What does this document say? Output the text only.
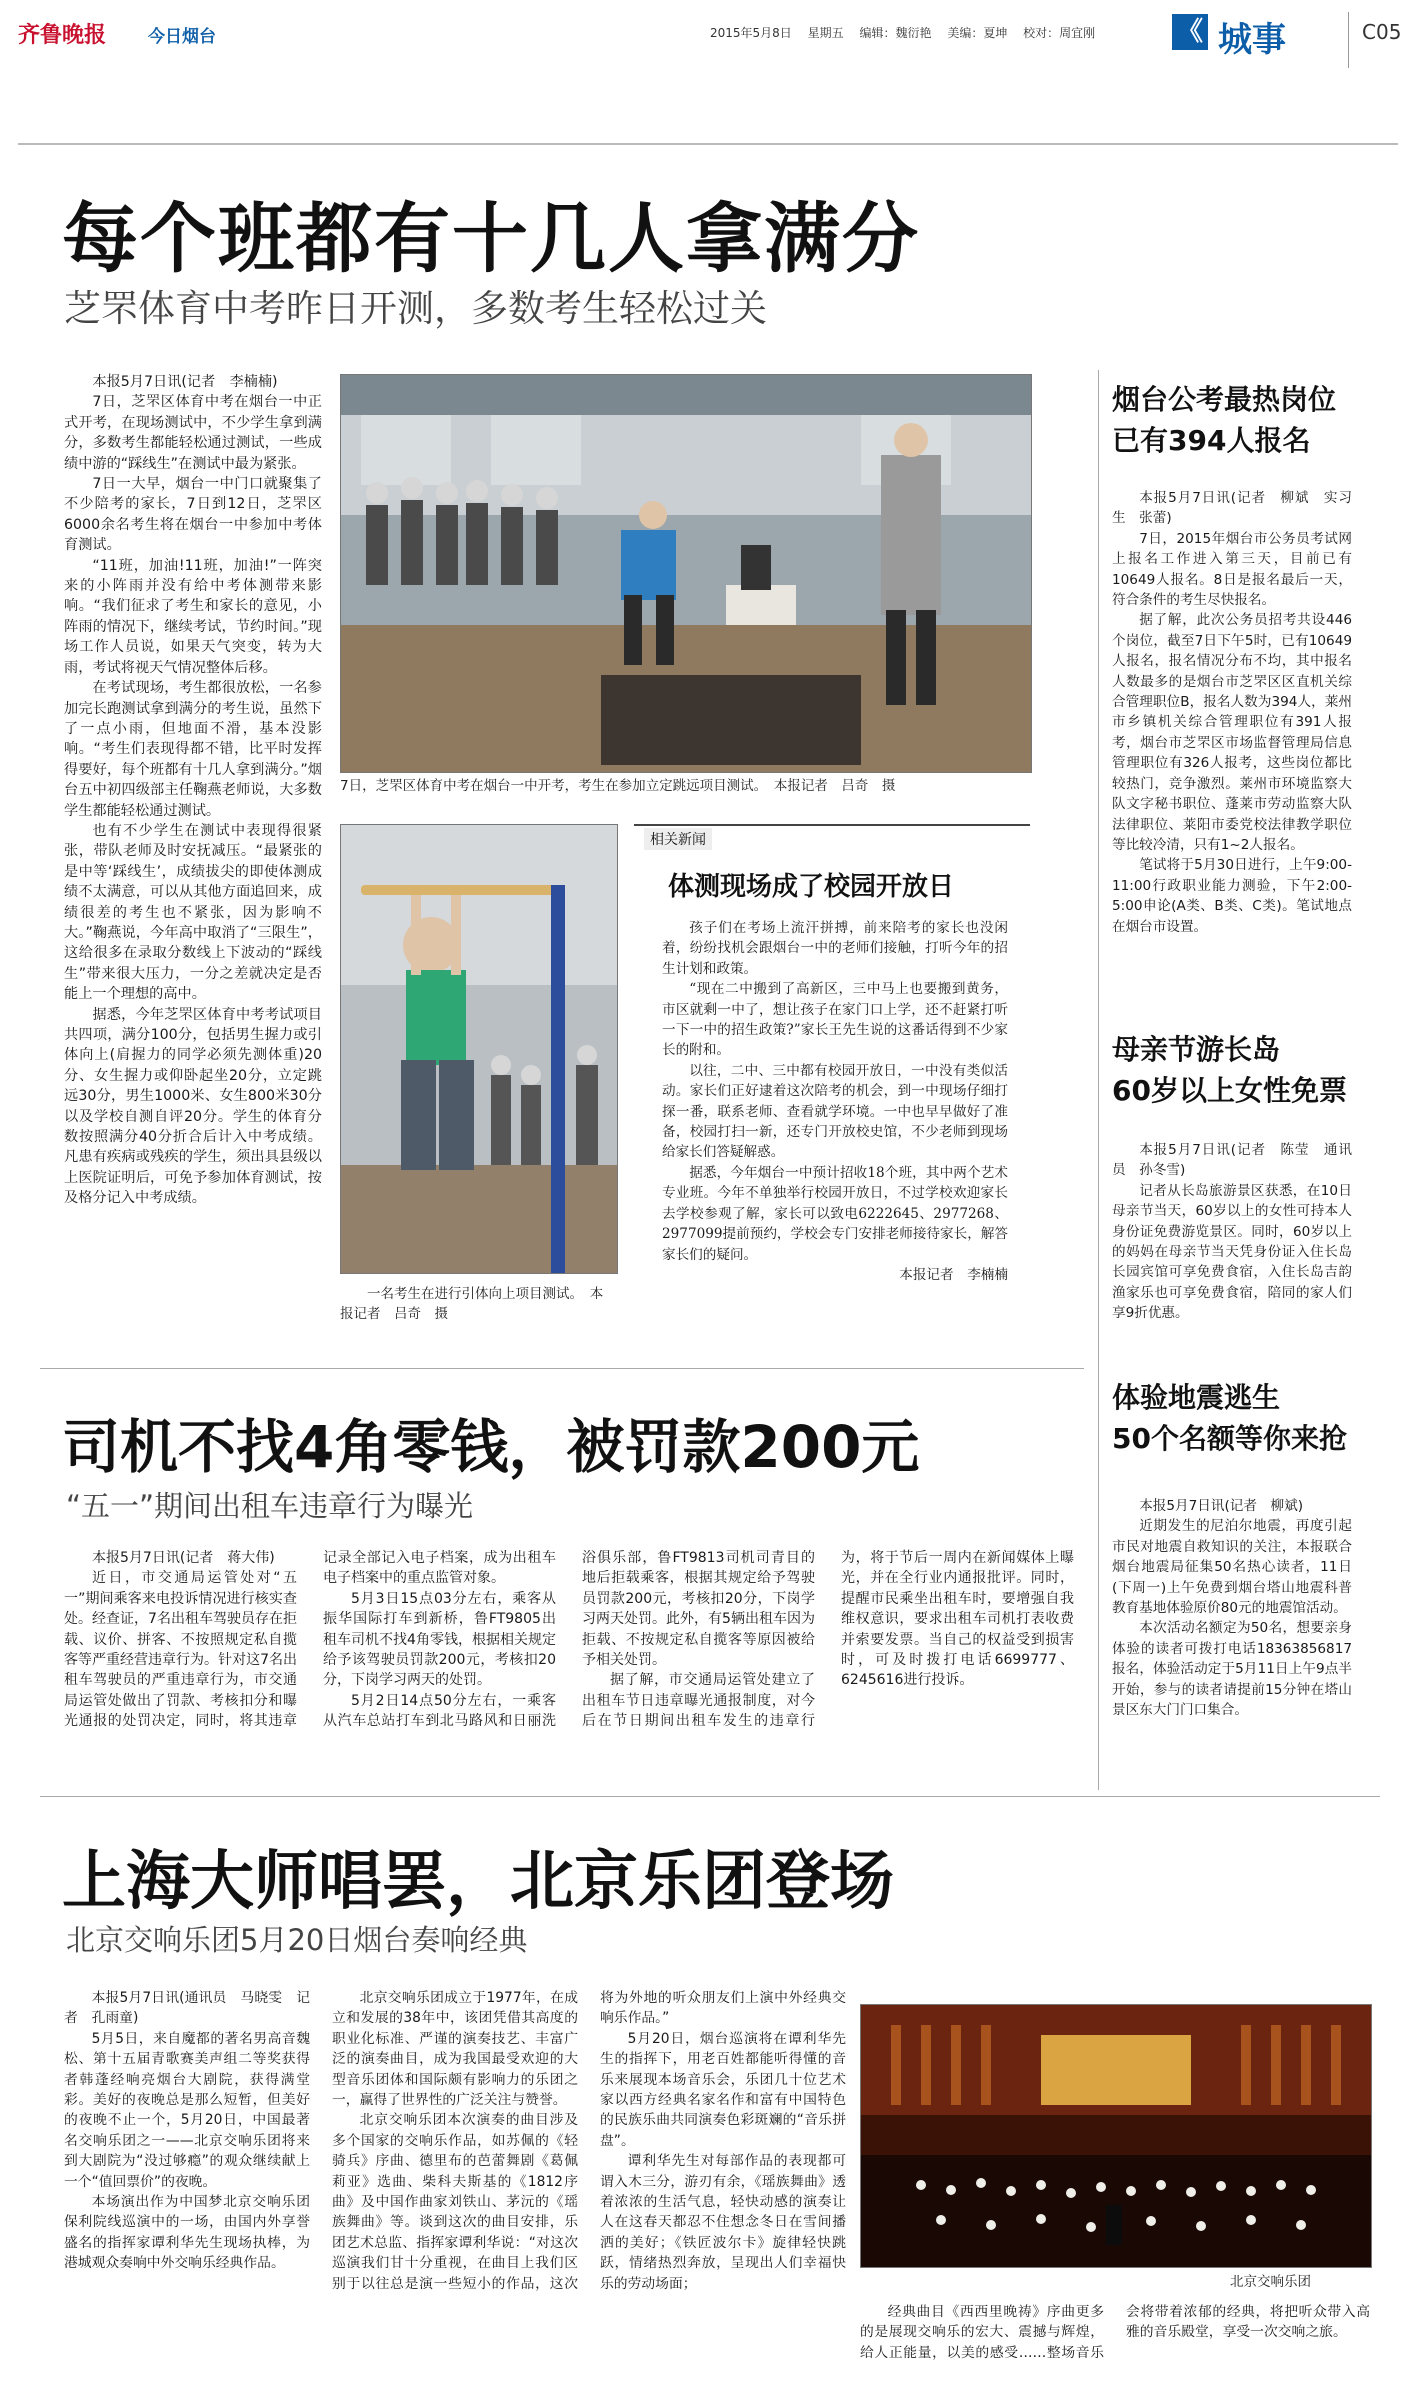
齐鲁晚报 今日烟台	2015年5月8日 星期五 编辑：魏衍艳 美编：夏坤 校对：周宜刚	《 城事	C05
每个班都有十几人拿满分
芝罘体育中考昨日开测，多数考生轻松过关

本报5月7日讯(记者　李楠楠)

7日，芝罘区体育中考在烟台一中正式开考，在现场测试中，不少学生拿到满分，多数考生都能轻松通过测试，一些成绩中游的“踩线生”在测试中最为紧张。

7日一大早，烟台一中门口就聚集了不少陪考的家长，7日到12日，芝罘区6000余名考生将在烟台一中参加中考体育测试。

“11班，加油!11班，加油!”一阵突来的小阵雨并没有给中考体测带来影响。“我们征求了考生和家长的意见，小阵雨的情况下，继续考试，节约时间。”现场工作人员说，如果天气突变，转为大雨，考试将视天气情况整体后移。

在考试现场，考生都很放松，一名参加完长跑测试拿到满分的考生说，虽然下了一点小雨，但地面不滑，基本没影响。“考生们表现得都不错，比平时发挥得要好，每个班都有十几人拿到满分。”烟台五中初四级部主任鞠燕老师说，大多数学生都能轻松通过测试。

也有不少学生在测试中表现得很紧张，带队老师及时安抚减压。“最紧张的是中等‘踩线生’，成绩拔尖的即使体测成绩不太满意，可以从其他方面追回来，成绩很差的考生也不紧张，因为影响不大。”鞠燕说，今年高中取消了“三限生”，这给很多在录取分数线上下波动的“踩线生”带来很大压力，一分之差就决定是否能上一个理想的高中。

据悉，今年芝罘区体育中考考试项目共四项，满分100分，包括男生握力或引体向上(肩握力的同学必须先测体重)20分、女生握力或仰卧起坐20分，立定跳远30分，男生1000米、女生800米30分以及学校自测自评20分。学生的体育分数按照满分40分折合后计入中考成绩。凡患有疾病或残疾的学生，须出具县级以上医院证明后，可免予参加体育测试，按及格分记入中考成绩。

7日，芝罘区体育中考在烟台一中开考，考生在参加立定跳远项目测试。　本报记者　吕奇　摄
一名考生在进行引体向上项目测试。　本报记者　吕奇　摄
相关新闻
体测现场成了校园开放日

孩子们在考场上流汗拼搏，前来陪考的家长也没闲着，纷纷找机会跟烟台一中的老师们接触，打听今年的招生计划和政策。

“现在二中搬到了高新区，三中马上也要搬到黄务，市区就剩一中了，想让孩子在家门口上学，还不赶紧打听一下一中的招生政策?”家长王先生说的这番话得到不少家长的附和。

以往，二中、三中都有校园开放日，一中没有类似活动。家长们正好逮着这次陪考的机会，到一中现场仔细打探一番，联系老师、查看就学环境。一中也早早做好了准备，校园打扫一新，还专门开放校史馆，不少老师到现场给家长们答疑解惑。

据悉，今年烟台一中预计招收18个班，其中两个艺术专业班。今年不单独举行校园开放日，不过学校欢迎家长去学校参观了解，家长可以致电6222645、2977268、2977099提前预约，学校会专门安排老师接待家长，解答家长们的疑问。

本报记者　李楠楠

烟台公考最热岗位
已有394人报名

本报5月7日讯(记者　柳斌　实习生　张蕾)

7日，2015年烟台市公务员考试网上报名工作进入第三天，目前已有10649人报名。8日是报名最后一天，符合条件的考生尽快报名。

据了解，此次公务员招考共设446个岗位，截至7日下午5时，已有10649人报名，报名情况分布不均，其中报名人数最多的是烟台市芝罘区区直机关综合管理职位B，报名人数为394人，莱州市乡镇机关综合管理职位有391人报考，烟台市芝罘区市场监督管理局信息管理职位有326人报考，这些岗位都比较热门，竞争激烈。莱州市环境监察大队文字秘书职位、蓬莱市劳动监察大队法律职位、莱阳市委党校法律教学职位等比较冷清，只有1~2人报名。

笔试将于5月30日进行，上午9:00-11:00行政职业能力测验，下午2:00-5:00申论(A类、B类、C类)。笔试地点在烟台市设置。

母亲节游长岛
60岁以上女性免票

本报5月7日讯(记者　陈莹　通讯员　孙冬雪)

记者从长岛旅游景区获悉，在10日母亲节当天，60岁以上的女性可持本人身份证免费游览景区。同时，60岁以上的妈妈在母亲节当天凭身份证入住长岛长园宾馆可享免费食宿，入住长岛吉韵渔家乐也可享免费食宿，陪同的家人们享9折优惠。

体验地震逃生
50个名额等你来抢

本报5月7日讯(记者　柳斌)

近期发生的尼泊尔地震，再度引起市民对地震自救知识的关注，本报联合烟台地震局征集50名热心读者，11日(下周一)上午免费到烟台塔山地震科普教育基地体验原价80元的地震馆活动。

本次活动名额定为50名，想要亲身体验的读者可拨打电话18363856817报名，体验活动定于5月11日上午9点半开始，参与的读者请提前15分钟在塔山景区东大门门口集合。

司机不找4角零钱，被罚款200元
“五一”期间出租车违章行为曝光

本报5月7日讯(记者　蒋大伟)

近日，市交通局运管处对“五一”期间乘客来电投诉情况进行核实查处。经查证，7名出租车驾驶员存在拒载、议价、拼客、不按照规定私自揽客等严重经营违章行为。针对这7名出租车驾驶员的严重违章行为，市交通局运管处做出了罚款、考核扣分和曝光通报的处罚决定，同时，将其违章记录全部记入电子档案，成为出租车电子档案中的重点监管对象。

5月3日15点03分左右，乘客从振华国际打车到新桥，鲁FT9805出租车司机不找4角零钱，根据相关规定给予该驾驶员罚款200元，考核扣20分，下岗学习两天的处罚。

5月2日14点50分左右，一乘客从汽车总站打车到北马路风和日丽洗浴俱乐部，鲁FT9813司机司青目的地后拒载乘客，根据其规定给予驾驶员罚款200元，考核扣20分，下岗学习两天处罚。此外，有5辆出租车因为拒载、不按规定私自揽客等原因被给予相关处罚。

据了解，市交通局运管处建立了出租车节日违章曝光通报制度，对今后在节日期间出租车发生的违章行为，将于节后一周内在新闻媒体上曝光，并在全行业内通报批评。同时，提醒市民乘坐出租车时，要增强自我维权意识，要求出租车司机打表收费并索要发票。当自己的权益受到损害时，可及时拨打电话6699777、6245616进行投诉。

上海大师唱罢，北京乐团登场
北京交响乐团5月20日烟台奏响经典

本报5月7日讯(通讯员　马晓雯　记者　孔雨童)

5月5日，来自魔都的著名男高音魏松、第十五届青歌赛美声组二等奖获得者韩蓬经响亮烟台大剧院，获得满堂彩。美好的夜晚总是那么短暂，但美好的夜晚不止一个，5月20日，中国最著名交响乐团之一——北京交响乐团将来到大剧院为“没过够瘾”的观众继续献上一个“值回票价”的夜晚。

本场演出作为中国梦北京交响乐团保利院线巡演中的一场，由国内外享誉盛名的指挥家谭利华先生现场执棒，为港城观众奏响中外交响乐经典作品。

北京交响乐团成立于1977年，在成立和发展的38年中，该团凭借其高度的职业化标准、严谨的演奏技艺、丰富广泛的演奏曲目，成为我国最受欢迎的大型音乐团体和国际颇有影响力的乐团之一，赢得了世界性的广泛关注与赞誉。

北京交响乐团本次演奏的曲目涉及多个国家的交响乐作品，如苏佩的《轻骑兵》序曲、德里布的芭蕾舞剧《葛佩莉亚》选曲、柴科夫斯基的《1812序曲》及中国作曲家刘铁山、茅沅的《瑶族舞曲》等。谈到这次的曲目安排，乐团艺术总监、指挥家谭利华说：“对这次巡演我们甘十分重视，在曲目上我们区别于以往总是演一些短小的作品，这次将为外地的听众朋友们上演中外经典交响乐作品。”

5月20日，烟台巡演将在谭利华先生的指挥下，用老百姓都能听得懂的音乐来展现本场音乐会，乐团几十位艺术家以西方经典名家名作和富有中国特色的民族乐曲共同演奏色彩斑斓的“音乐拼盘”。

谭利华先生对每部作品的表现都可谓入木三分，游刃有余，《瑶族舞曲》透着浓浓的生活气息，轻快动感的演奏让人在这春天都忍不住想念冬日在雪间播洒的美好；《铁匠波尔卡》旋律轻快跳跃，情绪热烈奔放，呈现出人们幸福快乐的劳动场面；	北京交响乐团

经典曲目《西西里晚祷》序曲更多的是展现交响乐的宏大、震撼与辉煌，给人正能量，以美的感受……整场音乐会将带着浓郁的经典，将把听众带入高雅的音乐殿堂，享受一次交响之旅。
